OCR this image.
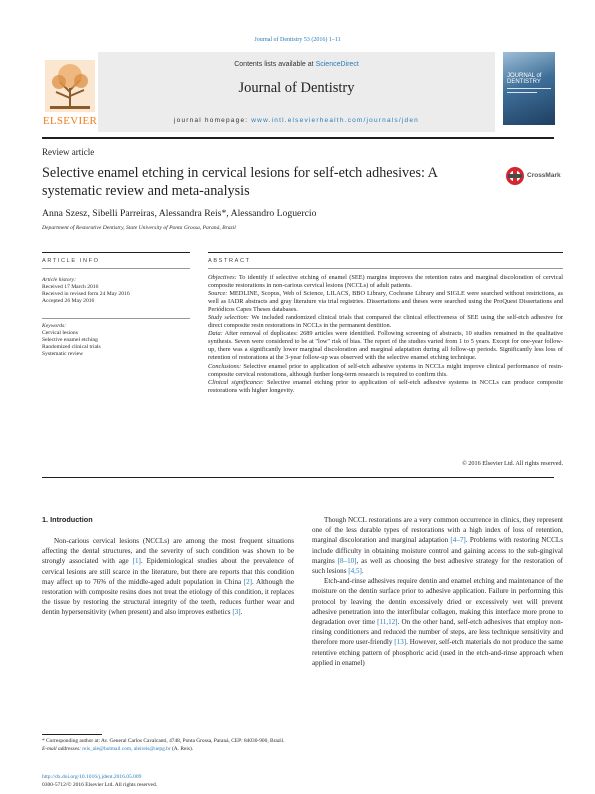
Journal of Dentistry 53 (2016) 1–11
ELSEVIER
Contents lists available at ScienceDirect
Journal of Dentistry
journal homepage: www.intl.elsevierhealth.com/journals/jden
JOURNAL of DENTISTRY
Review article
Selective enamel etching in cervical lesions for self-etch adhesives: A systematic review and meta-analysis
CrossMark
Anna Szesz, Sibelli Parreiras, Alessandra Reis*, Alessandro Loguercio
Department of Restorative Dentistry, State University of Ponta Grossa, Paraná, Brazil
ARTICLE INFO
Article history:
Received 17 March 2016
Received in revised form 24 May 2016
Accepted 26 May 2016
Keywords:
Cervical lesions
Selective enamel etching
Randomized clinical trials
Systematic review
ABSTRACT
Objectives: To identify if selective etching of enamel (SEE) margins improves the retention rates and marginal discoloration of cervical composite restorations in non-carious cervical lesions (NCCLs) of adult patients.
Source: MEDLINE, Scopus, Web of Science, LILACS, BBO Library, Cochrane Library and SIGLE were searched without restrictions, as well as IADR abstracts and gray literature via trial registries. Dissertations and theses were searched using the ProQuest Dissertations and Periódicos Capes Theses databases.
Study selection: We included randomized clinical trials that compared the clinical effectiveness of SEE using the self-etch adhesive for direct composite resin restorations in NCCLs in the permanent dentition.
Data: After removal of duplicates: 2689 articles were identified. Following screening of abstracts, 10 studies remained in the qualitative synthesis. Seven were considered to be at "low" risk of bias. The report of the studies varied from 1 to 5 years. Except for one-year follow-up, there was a significantly lower marginal discoloration and marginal adaptation during all follow-up periods. Significantly less loss of retention of restorations at the 3-year follow-up was observed with the selective enamel etching technique.
Conclusions: Selective enamel prior to application of self-etch adhesive systems in NCCLs might improve clinical performance of resin-composite cervical restorations, although further long-term research is required to confirm this.
Clinical significance: Selective enamel etching prior to application of self-etch adhesive systems in NCCLs can produce composite restorations with higher longevity.
© 2016 Elsevier Ltd. All rights reserved.
1. Introduction

Non-carious cervical lesions (NCCLs) are among the most frequent situations affecting the dental structures, and the severity of such condition was shown to be strongly associated with age [1]. Epidemiological studies about the prevalence of cervical lesions are still scarce in the literature, but there are reports that this condition may affect up to 76% of the middle-aged adult population in China [2]. Although the restoration with composite resins does not treat the etiology of this condition, it replaces the tissue by restoring the structural integrity of the teeth, reduces further wear and dentin hypersensitivity (when present) and also improves esthetics [3].

Though NCCL restorations are a very common occurrence in clinics, they represent one of the less durable types of restorations with a high index of loss of retention, marginal discoloration and marginal adaptation [4–7]. Problems with restoring NCCLs include difficulty in obtaining moisture control and gaining access to the sub-gingival margins [8–10], as well as choosing the best adhesive strategy for the restoration of such lesions [4,5].

Etch-and-rinse adhesives require dentin and enamel etching and maintenance of the moisture on the dentin surface prior to adhesive application. Failure in performing this protocol by leaving the dentin excessively dried or excessively wet will prevent adhesive penetration into the interfibular collagen, making this interface more prone to degradation over time [11,12]. On the other hand, self-etch adhesives that employ non-rinsing conditioners and reduced the number of steps, are less technique sensitivity and therefore more user-friendly [13]. However, self-etch materials do not produce the same retentive etching pattern of phosphoric acid (used in the etch-and-rinse approach when applied in enamel)

* Corresponding author at: Av. General Carlos Cavalcanti, 4748, Ponta Grossa, Paraná, CEP: 84030-900, Brazil.
E-mail addresses: reis_ale@hotmail.com, aleireis@uepg.br (A. Reis).
http://dx.doi.org/10.1016/j.jdent.2016.05.009
0300-5712/© 2016 Elsevier Ltd. All rights reserved.
